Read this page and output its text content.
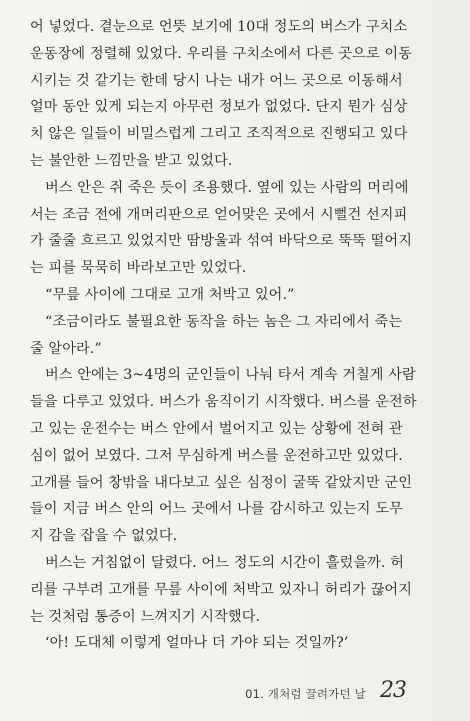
어 넣었다. 곁눈으로 언뜻 보기에 10대 정도의 버스가 구치소
운동장에 정렬해 있었다. 우리를 구치소에서 다른 곳으로 이동
시키는 것 같기는 한데 당시 나는 내가 어느 곳으로 이동해서
얼마 동안 있게 되는지 아무런 정보가 없었다. 단지 뭔가 심상
치 않은 일들이 비밀스럽게 그리고 조직적으로 진행되고 있다
는 불안한 느낌만을 받고 있었다.

버스 안은 쥐 죽은 듯이 조용했다. 옆에 있는 사람의 머리에
서는 조금 전에 개머리판으로 얻어맞은 곳에서 시뻘건 선지피
가 줄줄 흐르고 있었지만 땀방울과 섞여 바닥으로 뚝뚝 떨어지
는 피를 묵묵히 바라보고만 있었다.

“무릎 사이에 그대로 고개 처박고 있어.”

“조금이라도 불필요한 동작을 하는 놈은 그 자리에서 죽는
줄 알아라.”

버스 안에는 3~4명의 군인들이 나눠 타서 계속 거칠게 사람
들을 다루고 있었다. 버스가 움직이기 시작했다. 버스를 운전하
고 있는 운전수는 버스 안에서 벌어지고 있는 상황에 전혀 관
심이 없어 보였다. 그저 무심하게 버스를 운전하고만 있었다.
고개를 들어 창밖을 내다보고 싶은 심정이 굴뚝 같았지만 군인
들이 지금 버스 안의 어느 곳에서 나를 감시하고 있는지 도무
지 감을 잡을 수 없었다.

버스는 거침없이 달렸다. 어느 정도의 시간이 흘렀을까. 허
리를 구부려 고개를 무릎 사이에 처박고 있자니 허리가 끊어지
는 것처럼 통증이 느껴지기 시작했다.

‘아! 도대체 이렇게 얼마나 더 가야 되는 것일까?’

01. 개처럼 끌려가던 날 23
